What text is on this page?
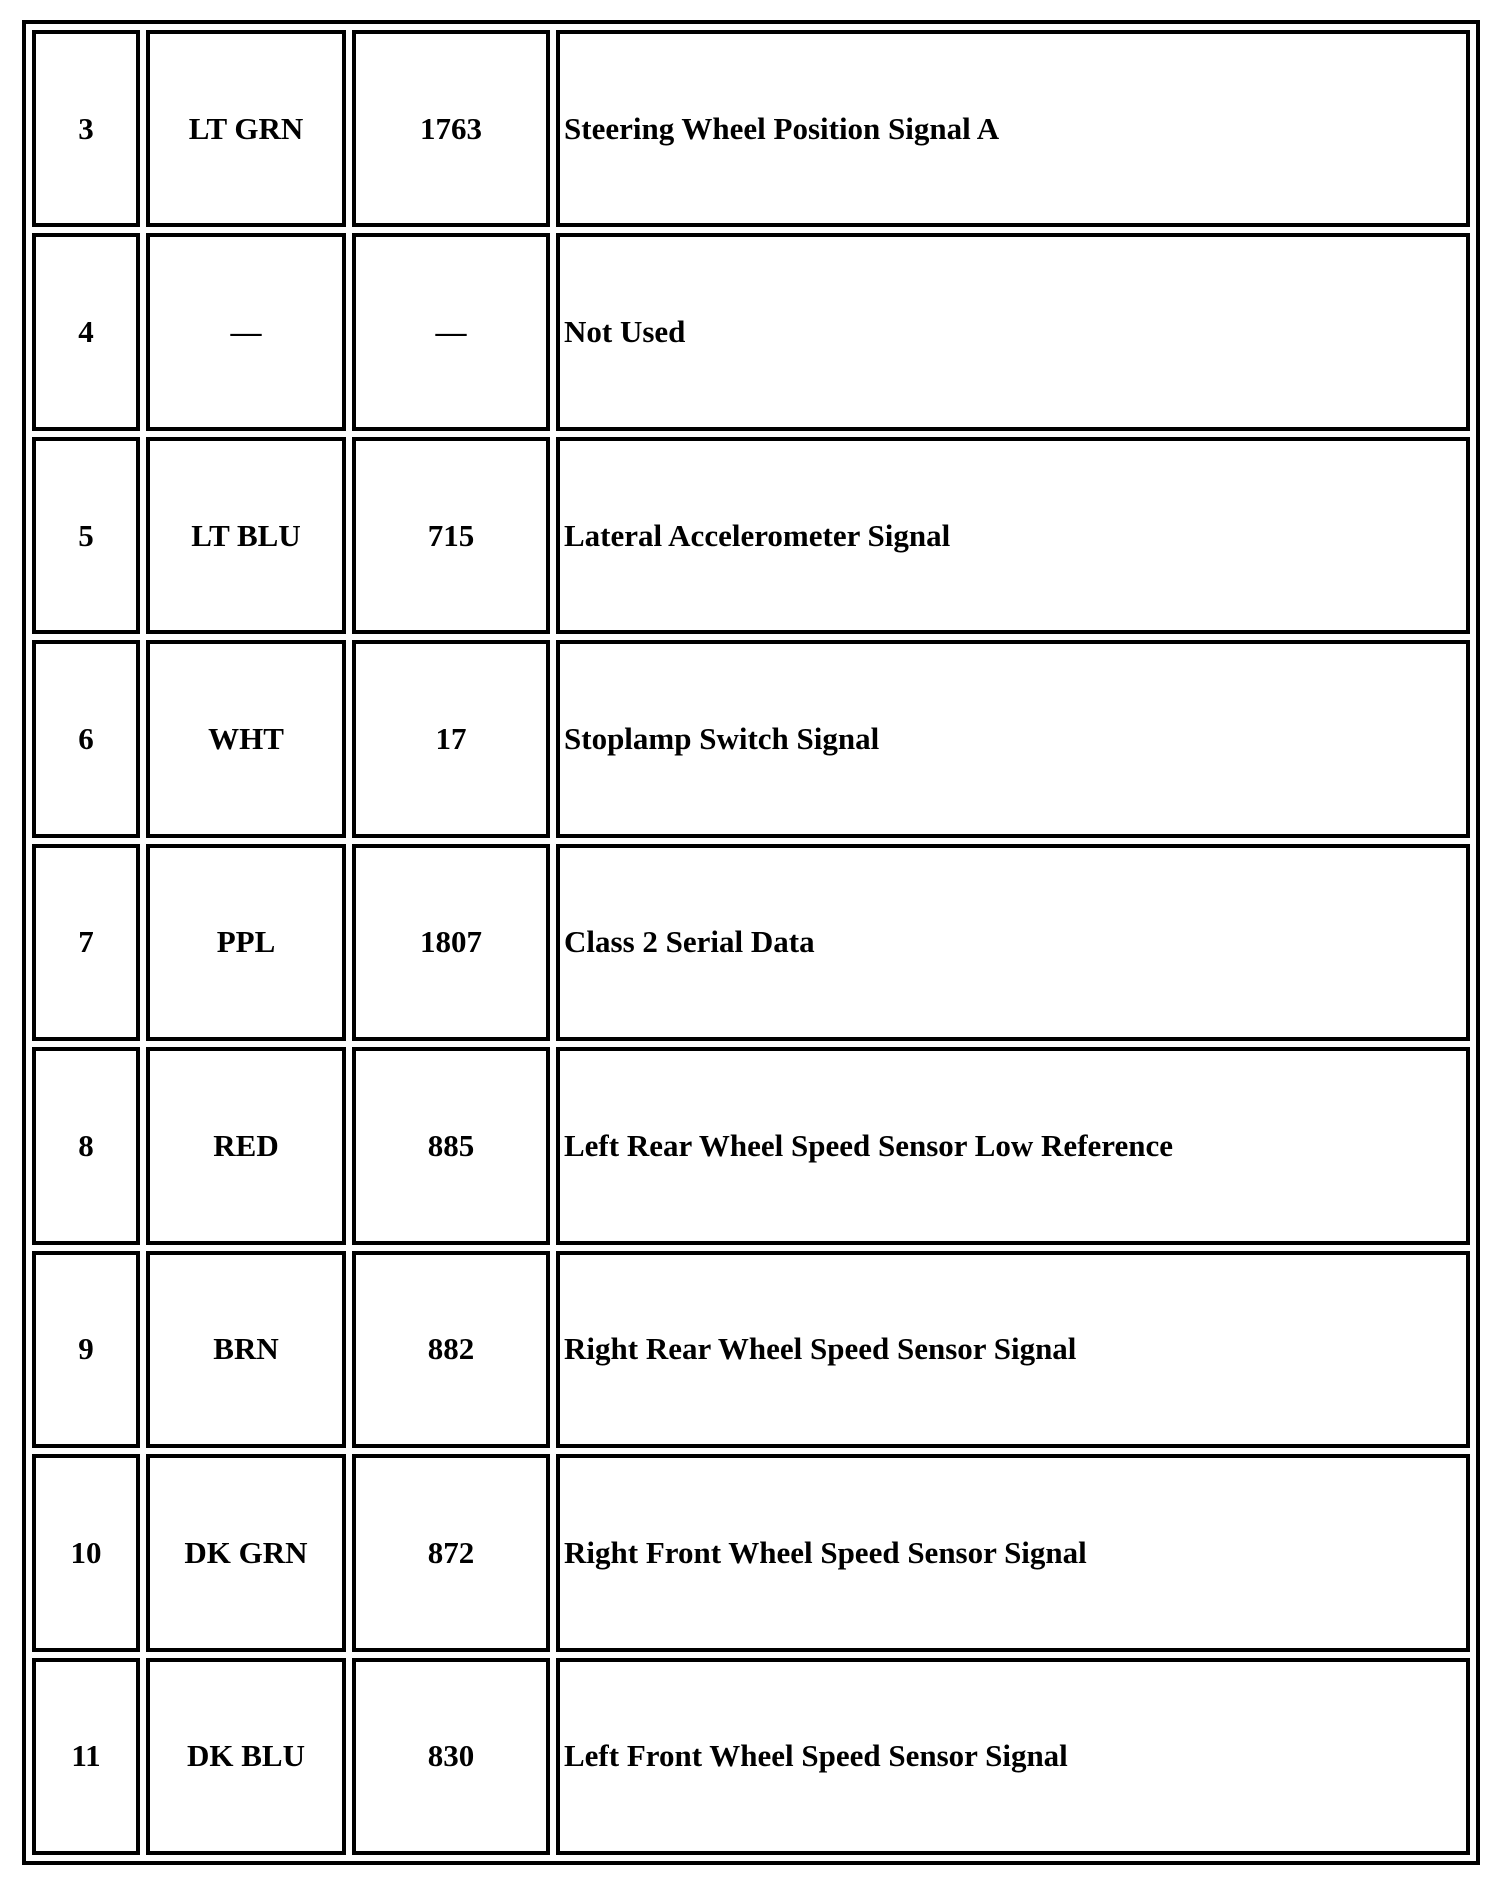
3	LT GRN	1763	Steering Wheel Position Signal A
4	—	—	Not Used
5	LT BLU	715	Lateral Accelerometer Signal
6	WHT	17	Stoplamp Switch Signal
7	PPL	1807	Class 2 Serial Data
8	RED	885	Left Rear Wheel Speed Sensor Low Reference
9	BRN	882	Right Rear Wheel Speed Sensor Signal
10	DK GRN	872	Right Front Wheel Speed Sensor Signal
11	DK BLU	830	Left Front Wheel Speed Sensor Signal
